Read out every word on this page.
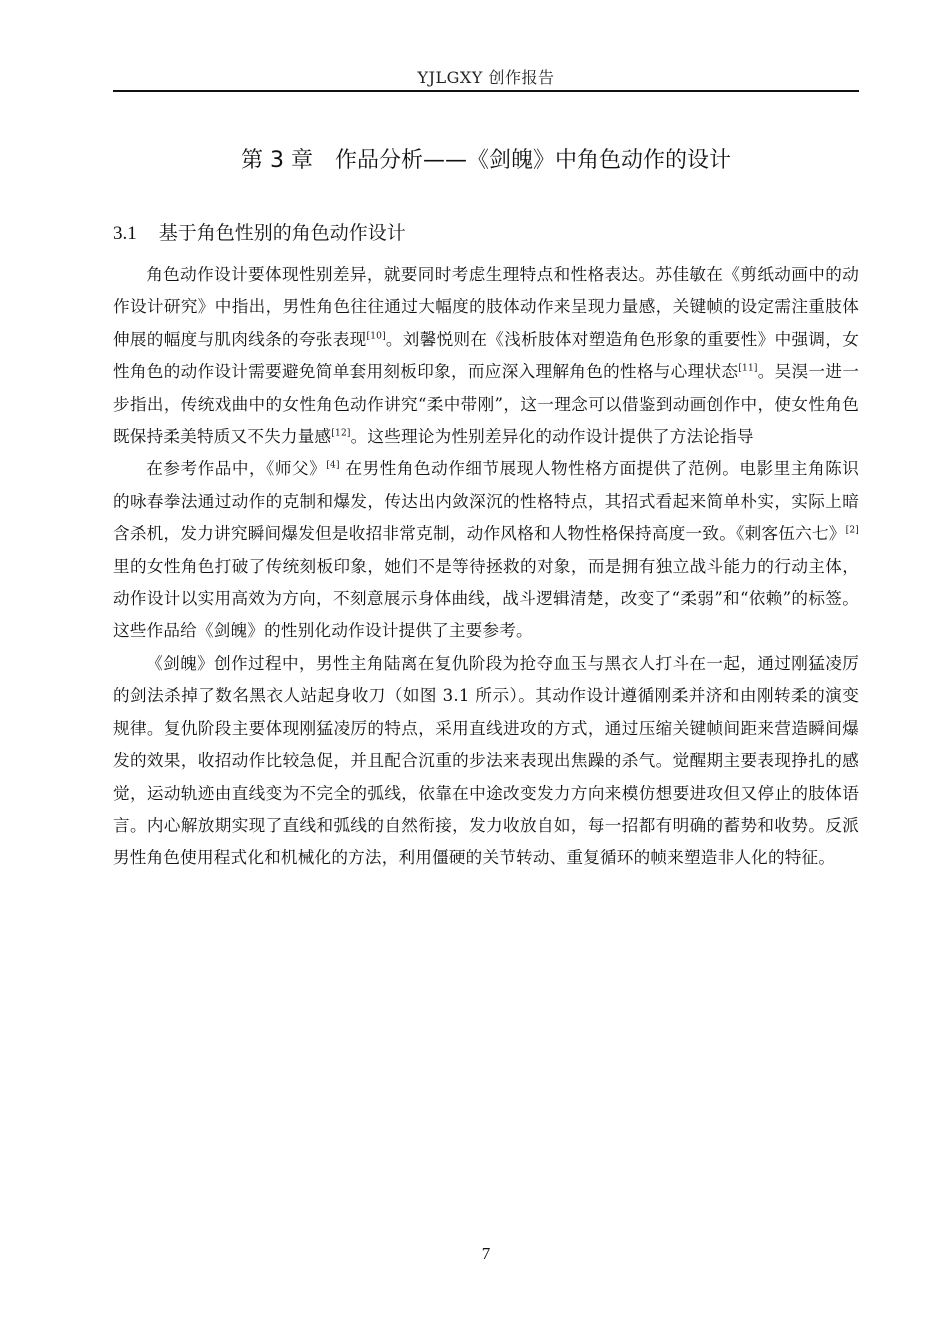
YJLGXY 创作报告
第 3 章 作品分析——《剑魄》中角色动作的设计
3.1 基于角色性别的角色动作设计

角色动作设计要体现性别差异，就要同时考虑生理特点和性格表达。苏佳敏在《剪纸动画中的动作设计研究》中指出，男性角色往往通过大幅度的肢体动作来呈现力量感，关键帧的设定需注重肢体伸展的幅度与肌肉线条的夸张表现[10]。刘馨悦则在《浅析肢体对塑造角色形象的重要性》中强调，女性角色的动作设计需要避免简单套用刻板印象，而应深入理解角色的性格与心理状态[11]。吴淏一进一步指出，传统戏曲中的女性角色动作讲究“柔中带刚”，这一理念可以借鉴到动画创作中，使女性角色既保持柔美特质又不失力量感[12]。这些理论为性别差异化的动作设计提供了方法论指导

在参考作品中，《师父》[4] 在男性角色动作细节展现人物性格方面提供了范例。电影里主角陈识的咏春拳法通过动作的克制和爆发，传达出内敛深沉的性格特点，其招式看起来简单朴实，实际上暗含杀机，发力讲究瞬间爆发但是收招非常克制，动作风格和人物性格保持高度一致。《刺客伍六七》[2] 里的女性角色打破了传统刻板印象，她们不是等待拯救的对象，而是拥有独立战斗能力的行动主体，动作设计以实用高效为方向，不刻意展示身体曲线，战斗逻辑清楚，改变了“柔弱”和“依赖”的标签。这些作品给《剑魄》的性别化动作设计提供了主要参考。

《剑魄》创作过程中，男性主角陆离在复仇阶段为抢夺血玉与黑衣人打斗在一起，通过刚猛凌厉的剑法杀掉了数名黑衣人站起身收刀（如图 3.1 所示）。其动作设计遵循刚柔并济和由刚转柔的演变规律。复仇阶段主要体现刚猛凌厉的特点，采用直线进攻的方式，通过压缩关键帧间距来营造瞬间爆发的效果，收招动作比较急促，并且配合沉重的步法来表现出焦躁的杀气。觉醒期主要表现挣扎的感觉，运动轨迹由直线变为不完全的弧线，依靠在中途改变发力方向来模仿想要进攻但又停止的肢体语言。内心解放期实现了直线和弧线的自然衔接，发力收放自如，每一招都有明确的蓄势和收势。反派男性角色使用程式化和机械化的方法，利用僵硬的关节转动、重复循环的帧来塑造非人化的特征。

7
